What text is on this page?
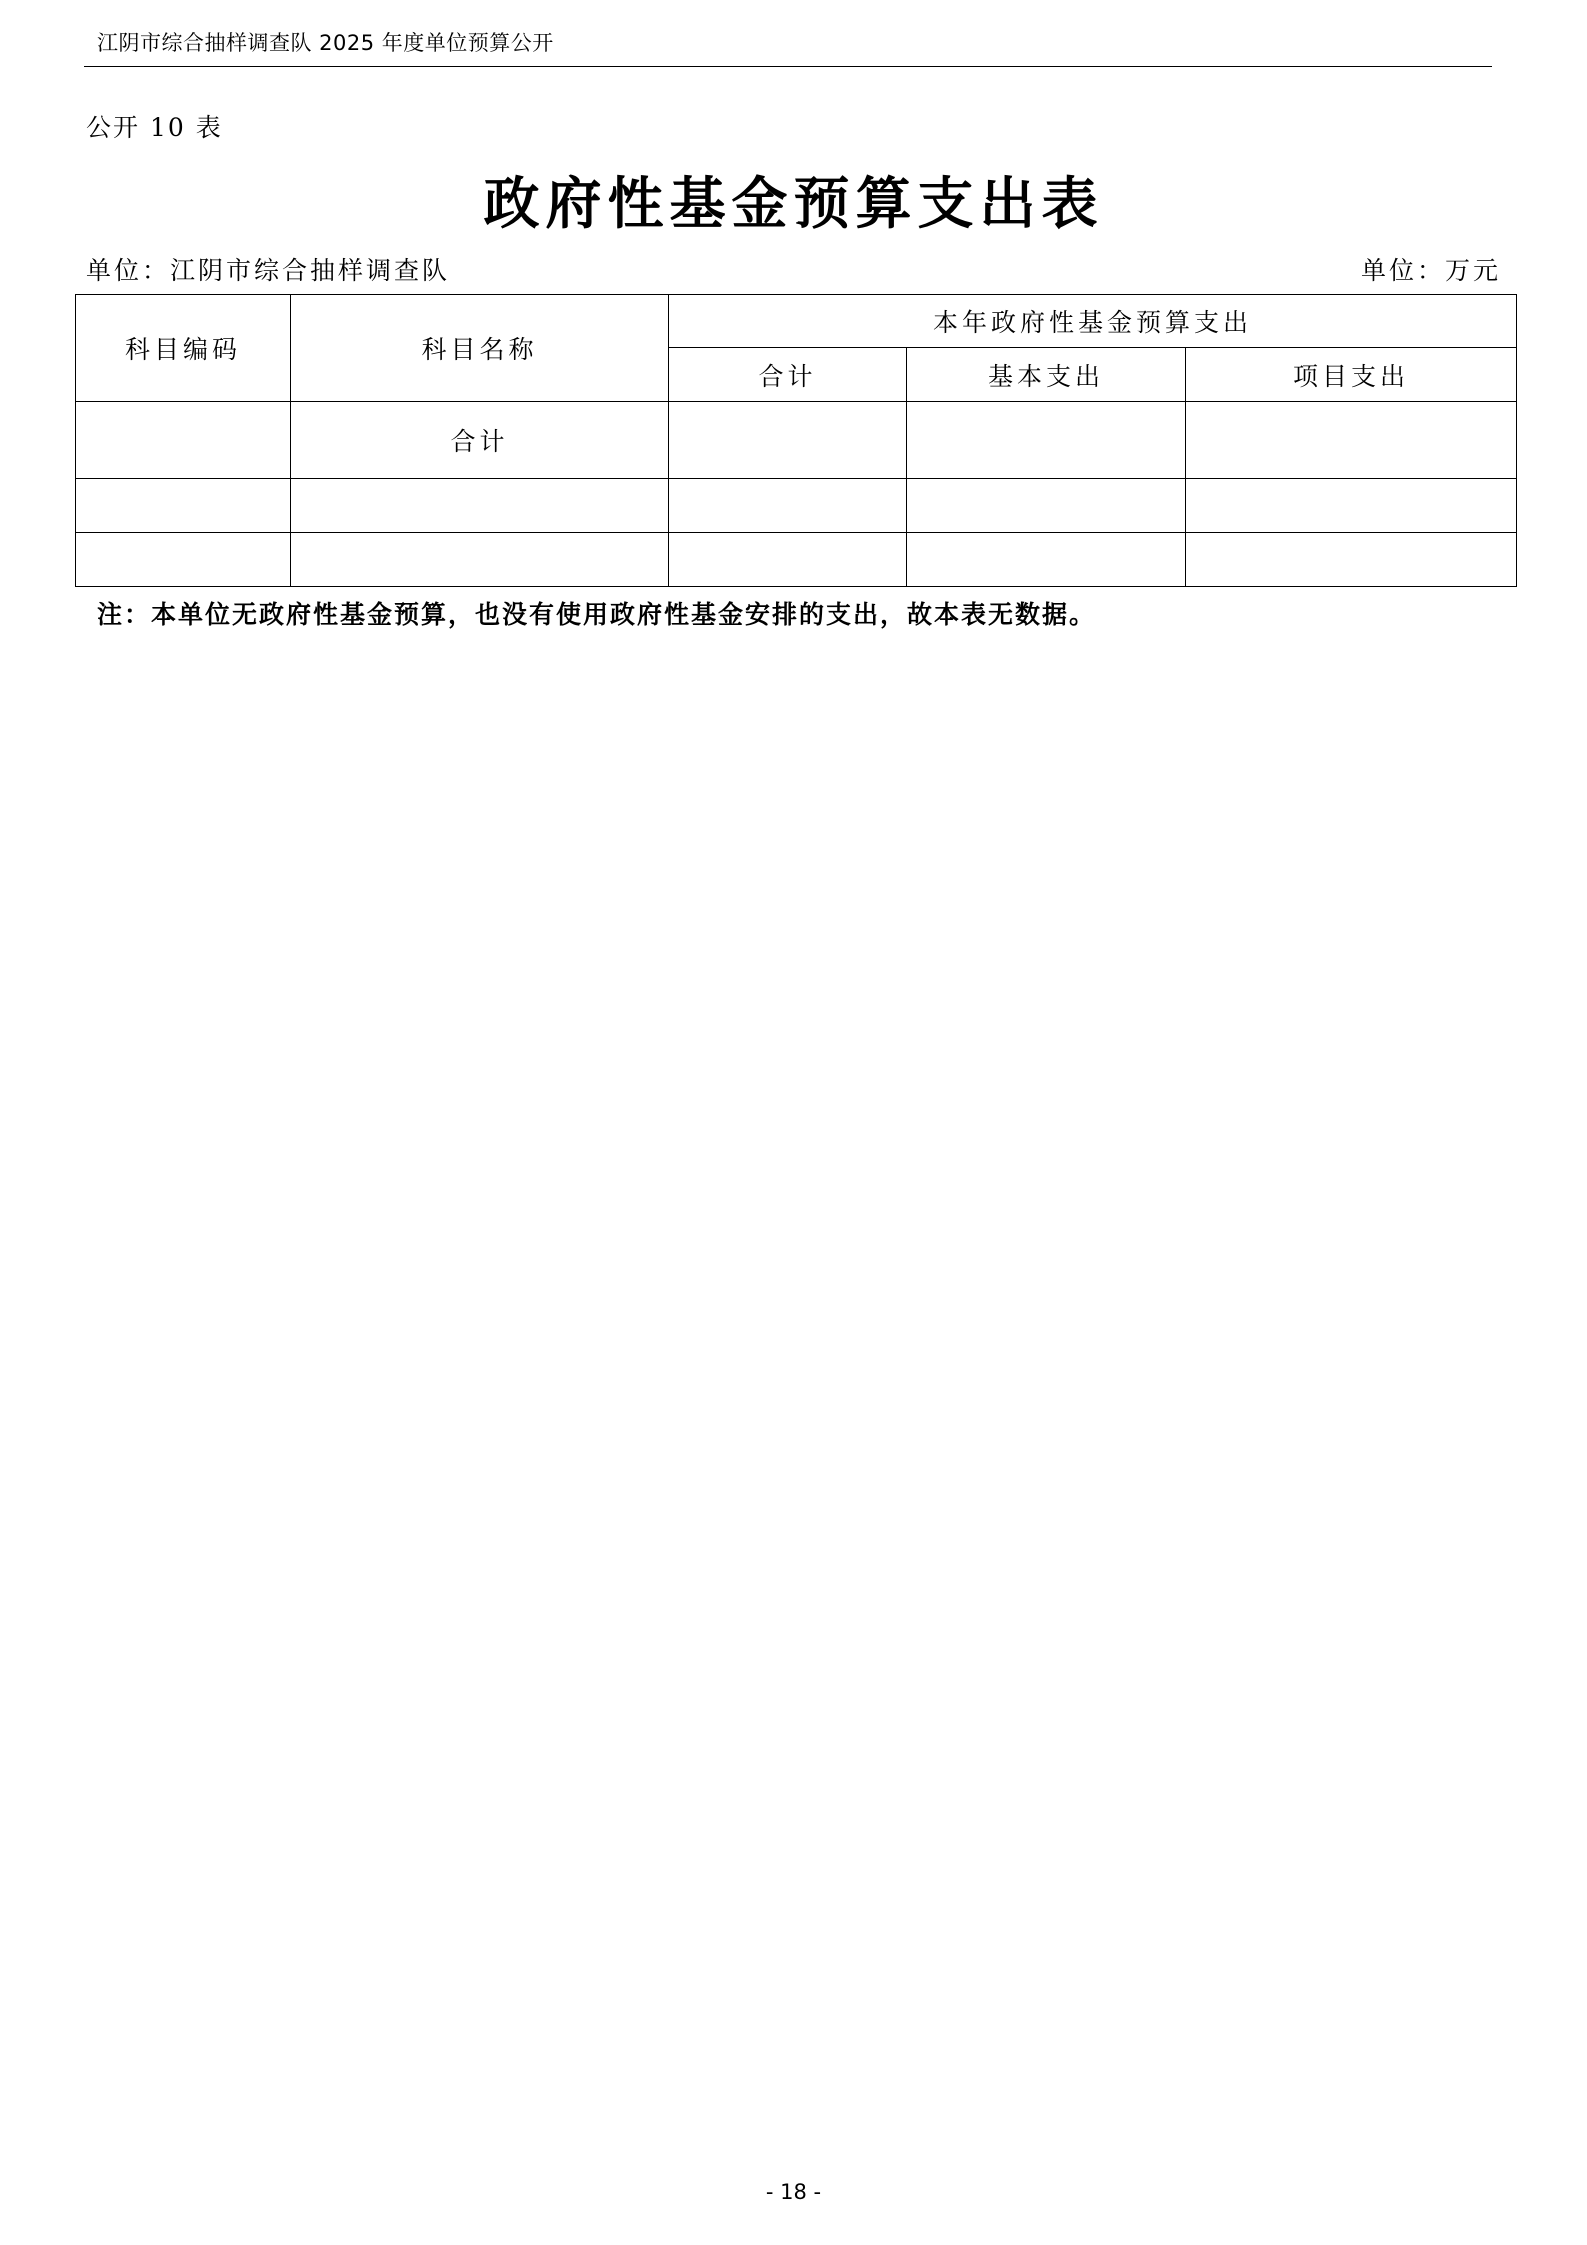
江阴市综合抽样调查队 2025 年度单位预算公开
公开 10 表
政府性基金预算支出表
单位：江阴市综合抽样调查队	单位：万元
科目编码	科目名称	本年政府性基金预算支出		
		合计	基本支出	项目支出
	合计			

注：本单位无政府性基金预算，也没有使用政府性基金安排的支出，故本表无数据。
- 18 -
